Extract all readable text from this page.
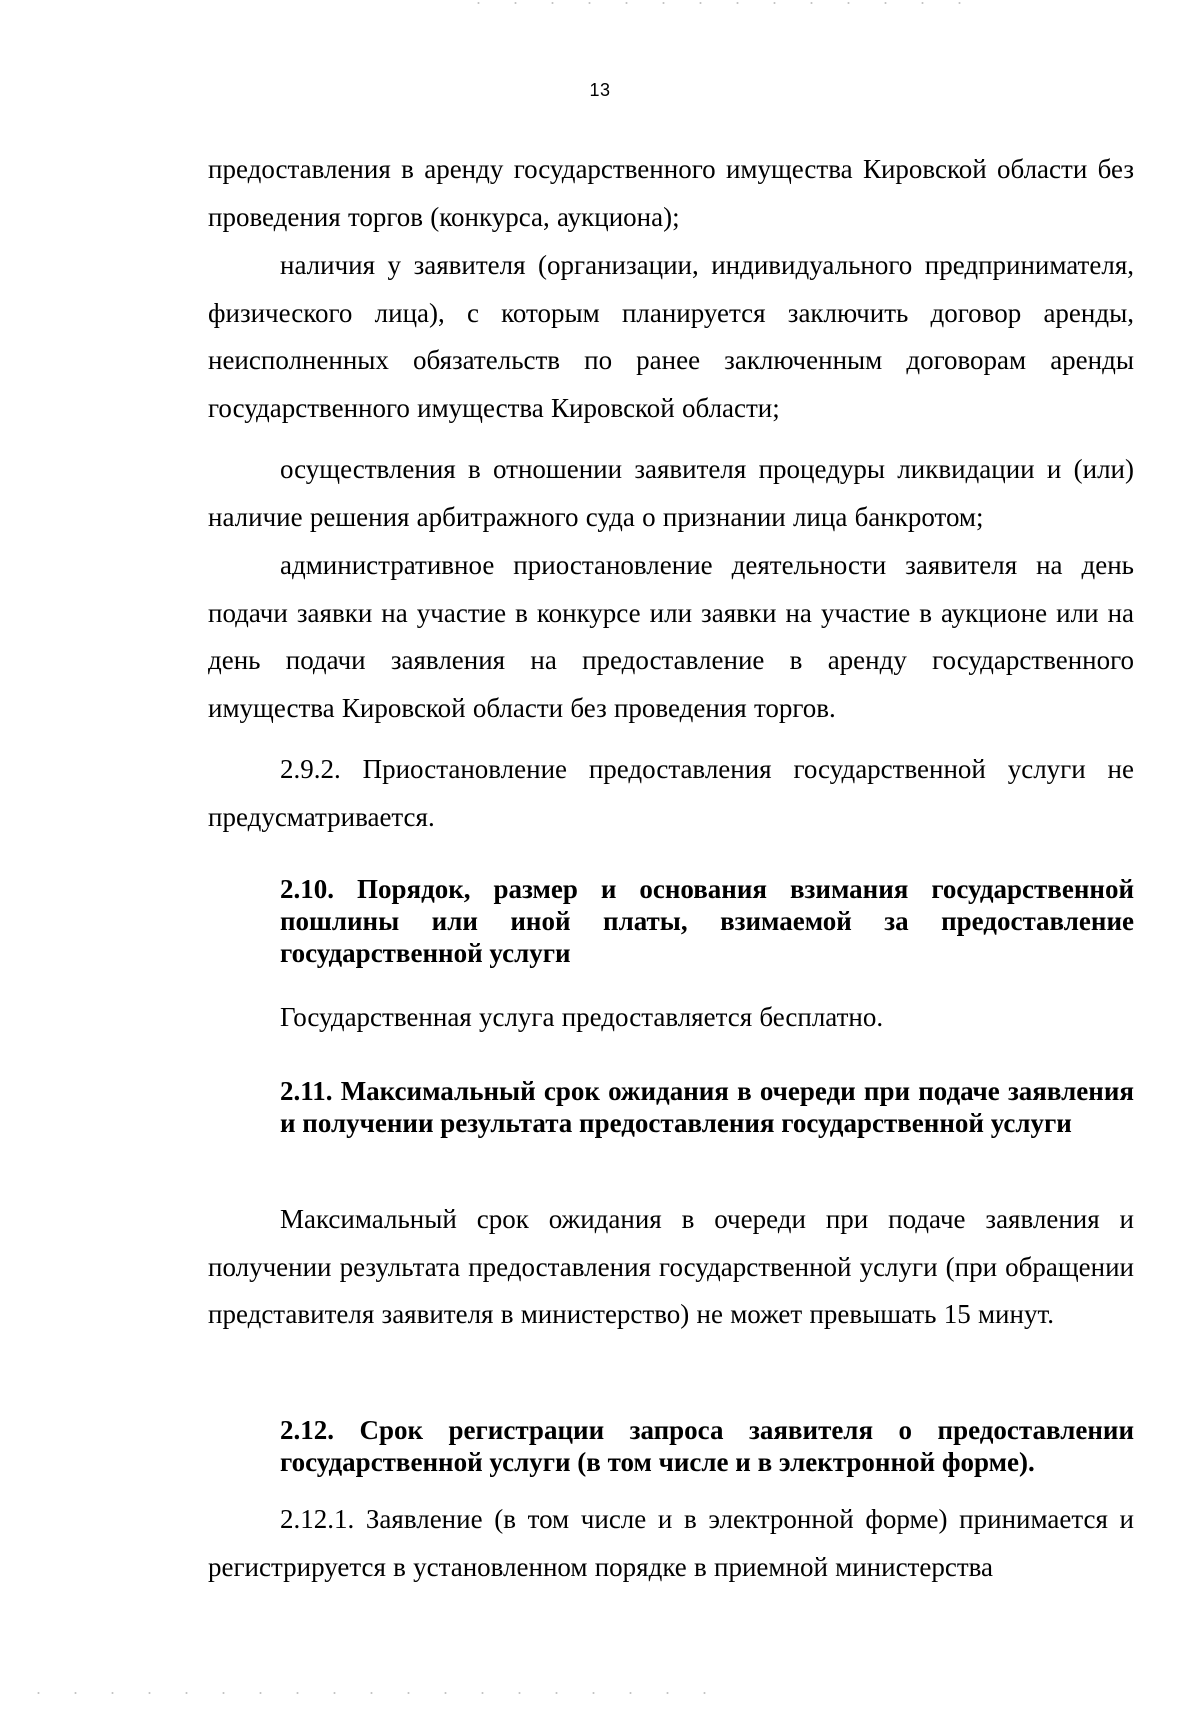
13

предоставления в аренду государственного имущества Кировской области без проведения торгов (конкурса, аукциона);

наличия у заявителя (организации, индивидуального предпринимателя, физического лица), с которым планируется заключить договор аренды, неисполненных обязательств по ранее заключенным договорам аренды государственного имущества Кировской области;

осуществления в отношении заявителя процедуры ликвидации и (или) наличие решения арбитражного суда о признании лица банкротом;

административное приостановление деятельности заявителя на день подачи заявки на участие в конкурсе или заявки на участие в аукционе или на день подачи заявления на предоставление в аренду государственного имущества Кировской области без проведения торгов.

2.9.2. Приостановление предоставления государственной услуги не предусматривается.

2.10. Порядок, размер и основания взимания государственной пошлины или иной платы, взимаемой за предоставление государственной услуги

Государственная услуга предоставляется бесплатно.

2.11. Максимальный срок ожидания в очереди при подаче заявления и получении результата предоставления государственной услуги

Максимальный срок ожидания в очереди при подаче заявления и получении результата предоставления государственной услуги (при обращении представителя заявителя в министерство) не может превышать 15 минут.

2.12. Срок регистрации запроса заявителя о предоставлении государственной услуги (в том числе и в электронной форме).

2.12.1. Заявление (в том числе и в электронной форме) принимается и регистрируется в установленном порядке в приемной министерства
